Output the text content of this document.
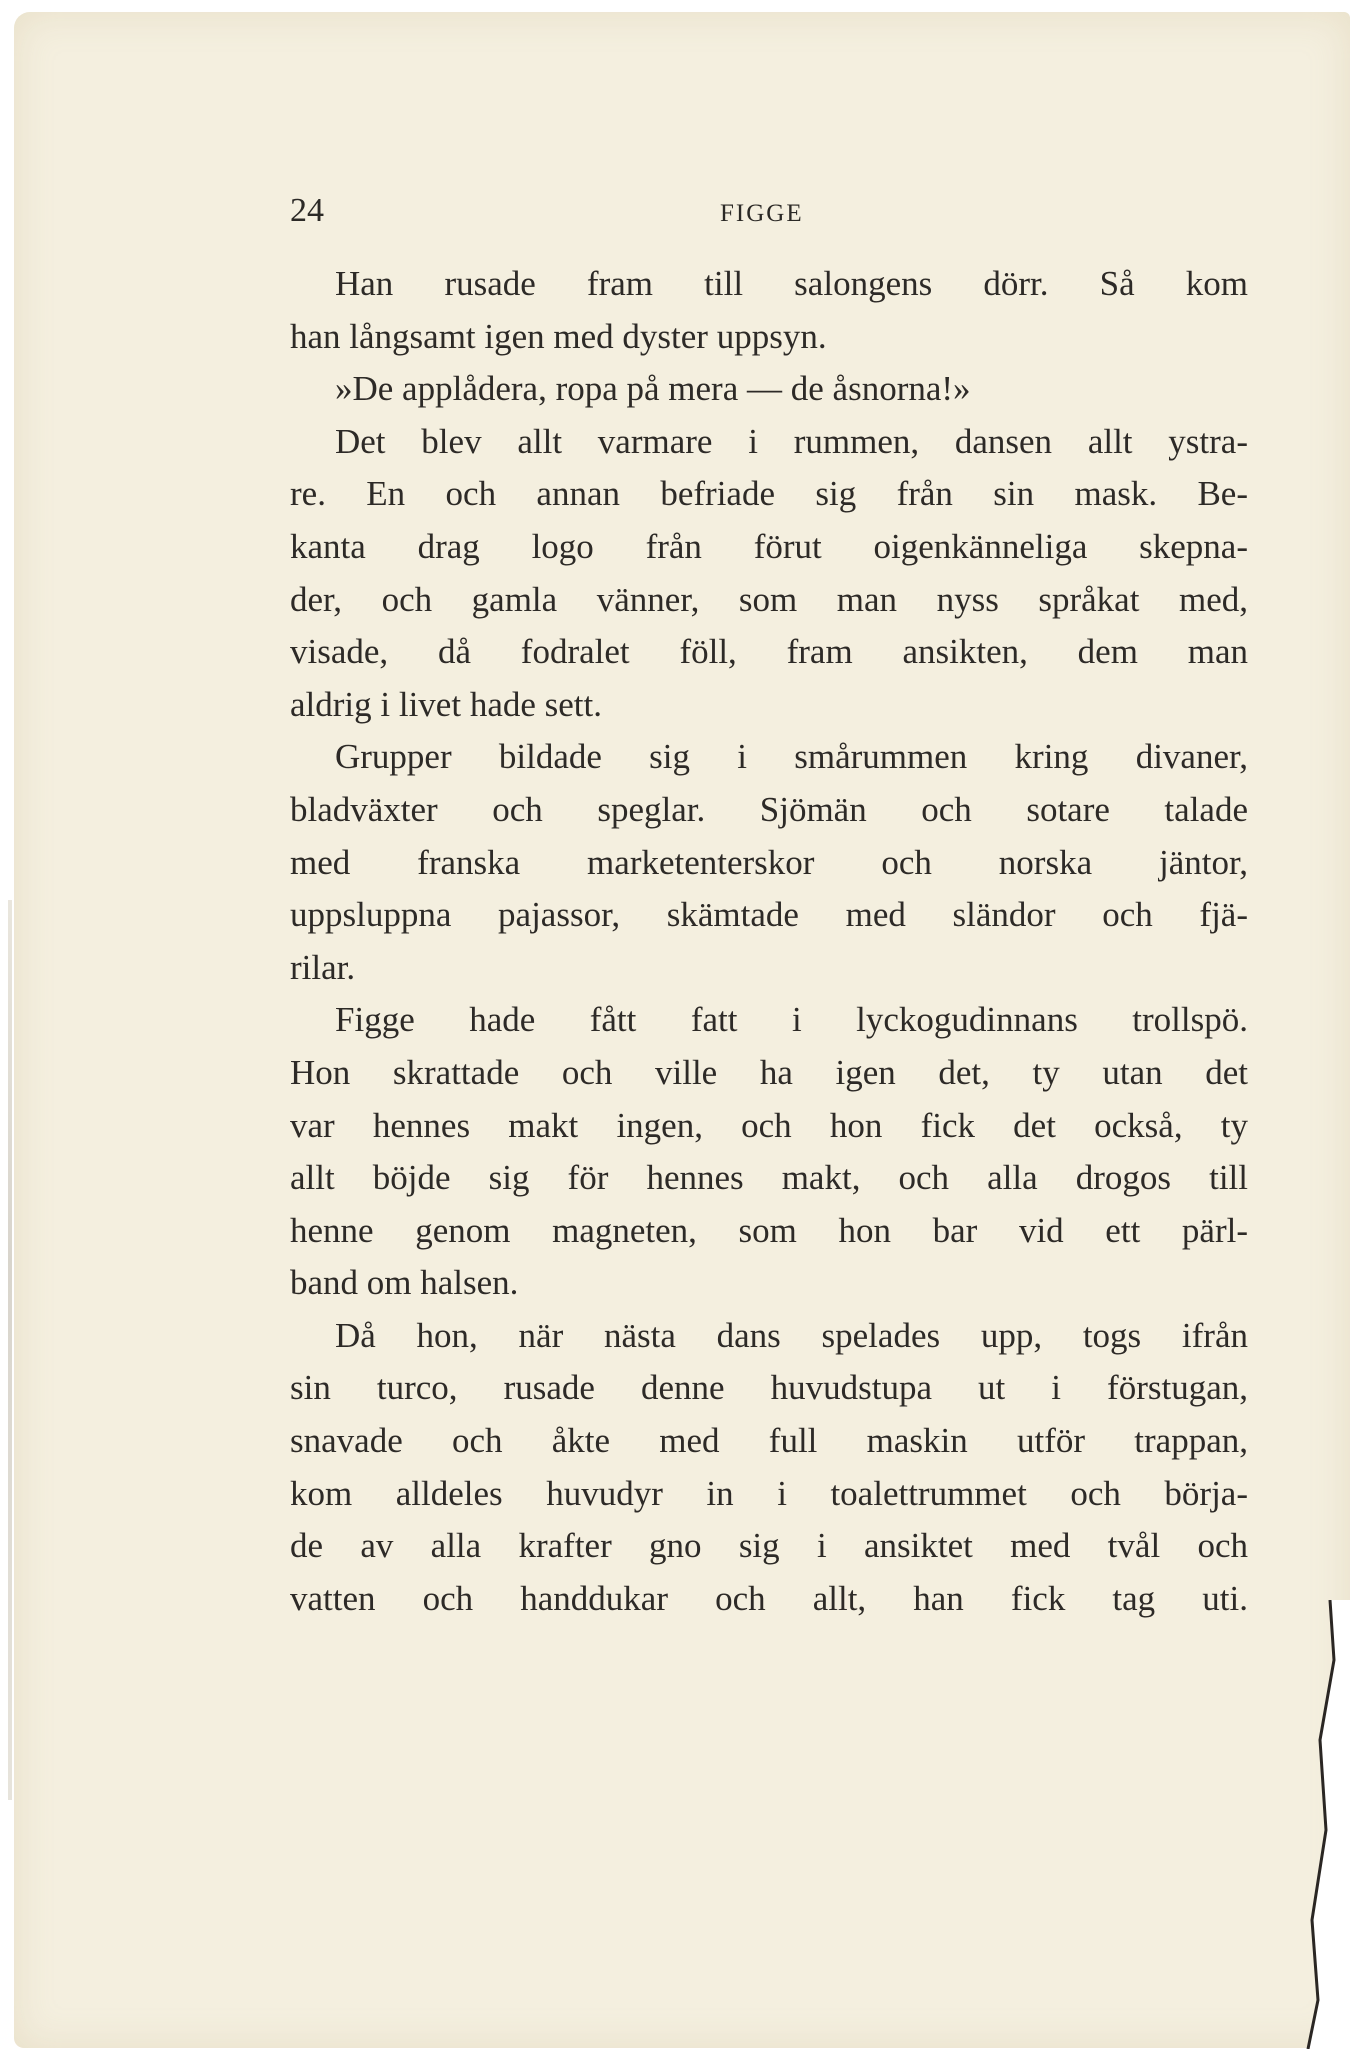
24	FIGGE
Han rusade fram till salongens dörr. Så kom
han långsamt igen med dyster uppsyn.
»De applådera, ropa på mera — de åsnorna!»
Det blev allt varmare i rummen, dansen allt ystra-
re. En och annan befriade sig från sin mask. Be-
kanta drag logo från förut oigenkänneliga skepna-
der, och gamla vänner, som man nyss språkat med,
visade, då fodralet föll, fram ansikten, dem man
aldrig i livet hade sett.
Grupper bildade sig i smårummen kring divaner,
bladväxter och speglar. Sjömän och sotare talade
med franska marketenterskor och norska jäntor,
uppsluppna pajassor, skämtade med sländor och fjä-
rilar.
Figge hade fått fatt i lyckogudinnans trollspö.
Hon skrattade och ville ha igen det, ty utan det
var hennes makt ingen, och hon fick det också, ty
allt böjde sig för hennes makt, och alla drogos till
henne genom magneten, som hon bar vid ett pärl-
band om halsen.
Då hon, när nästa dans spelades upp, togs ifrån
sin turco, rusade denne huvudstupa ut i förstugan,
snavade och åkte med full maskin utför trappan,
kom alldeles huvudyr in i toalettrummet och börja-
de av alla krafter gno sig i ansiktet med tvål och
vatten och handdukar och allt, han fick tag uti.
